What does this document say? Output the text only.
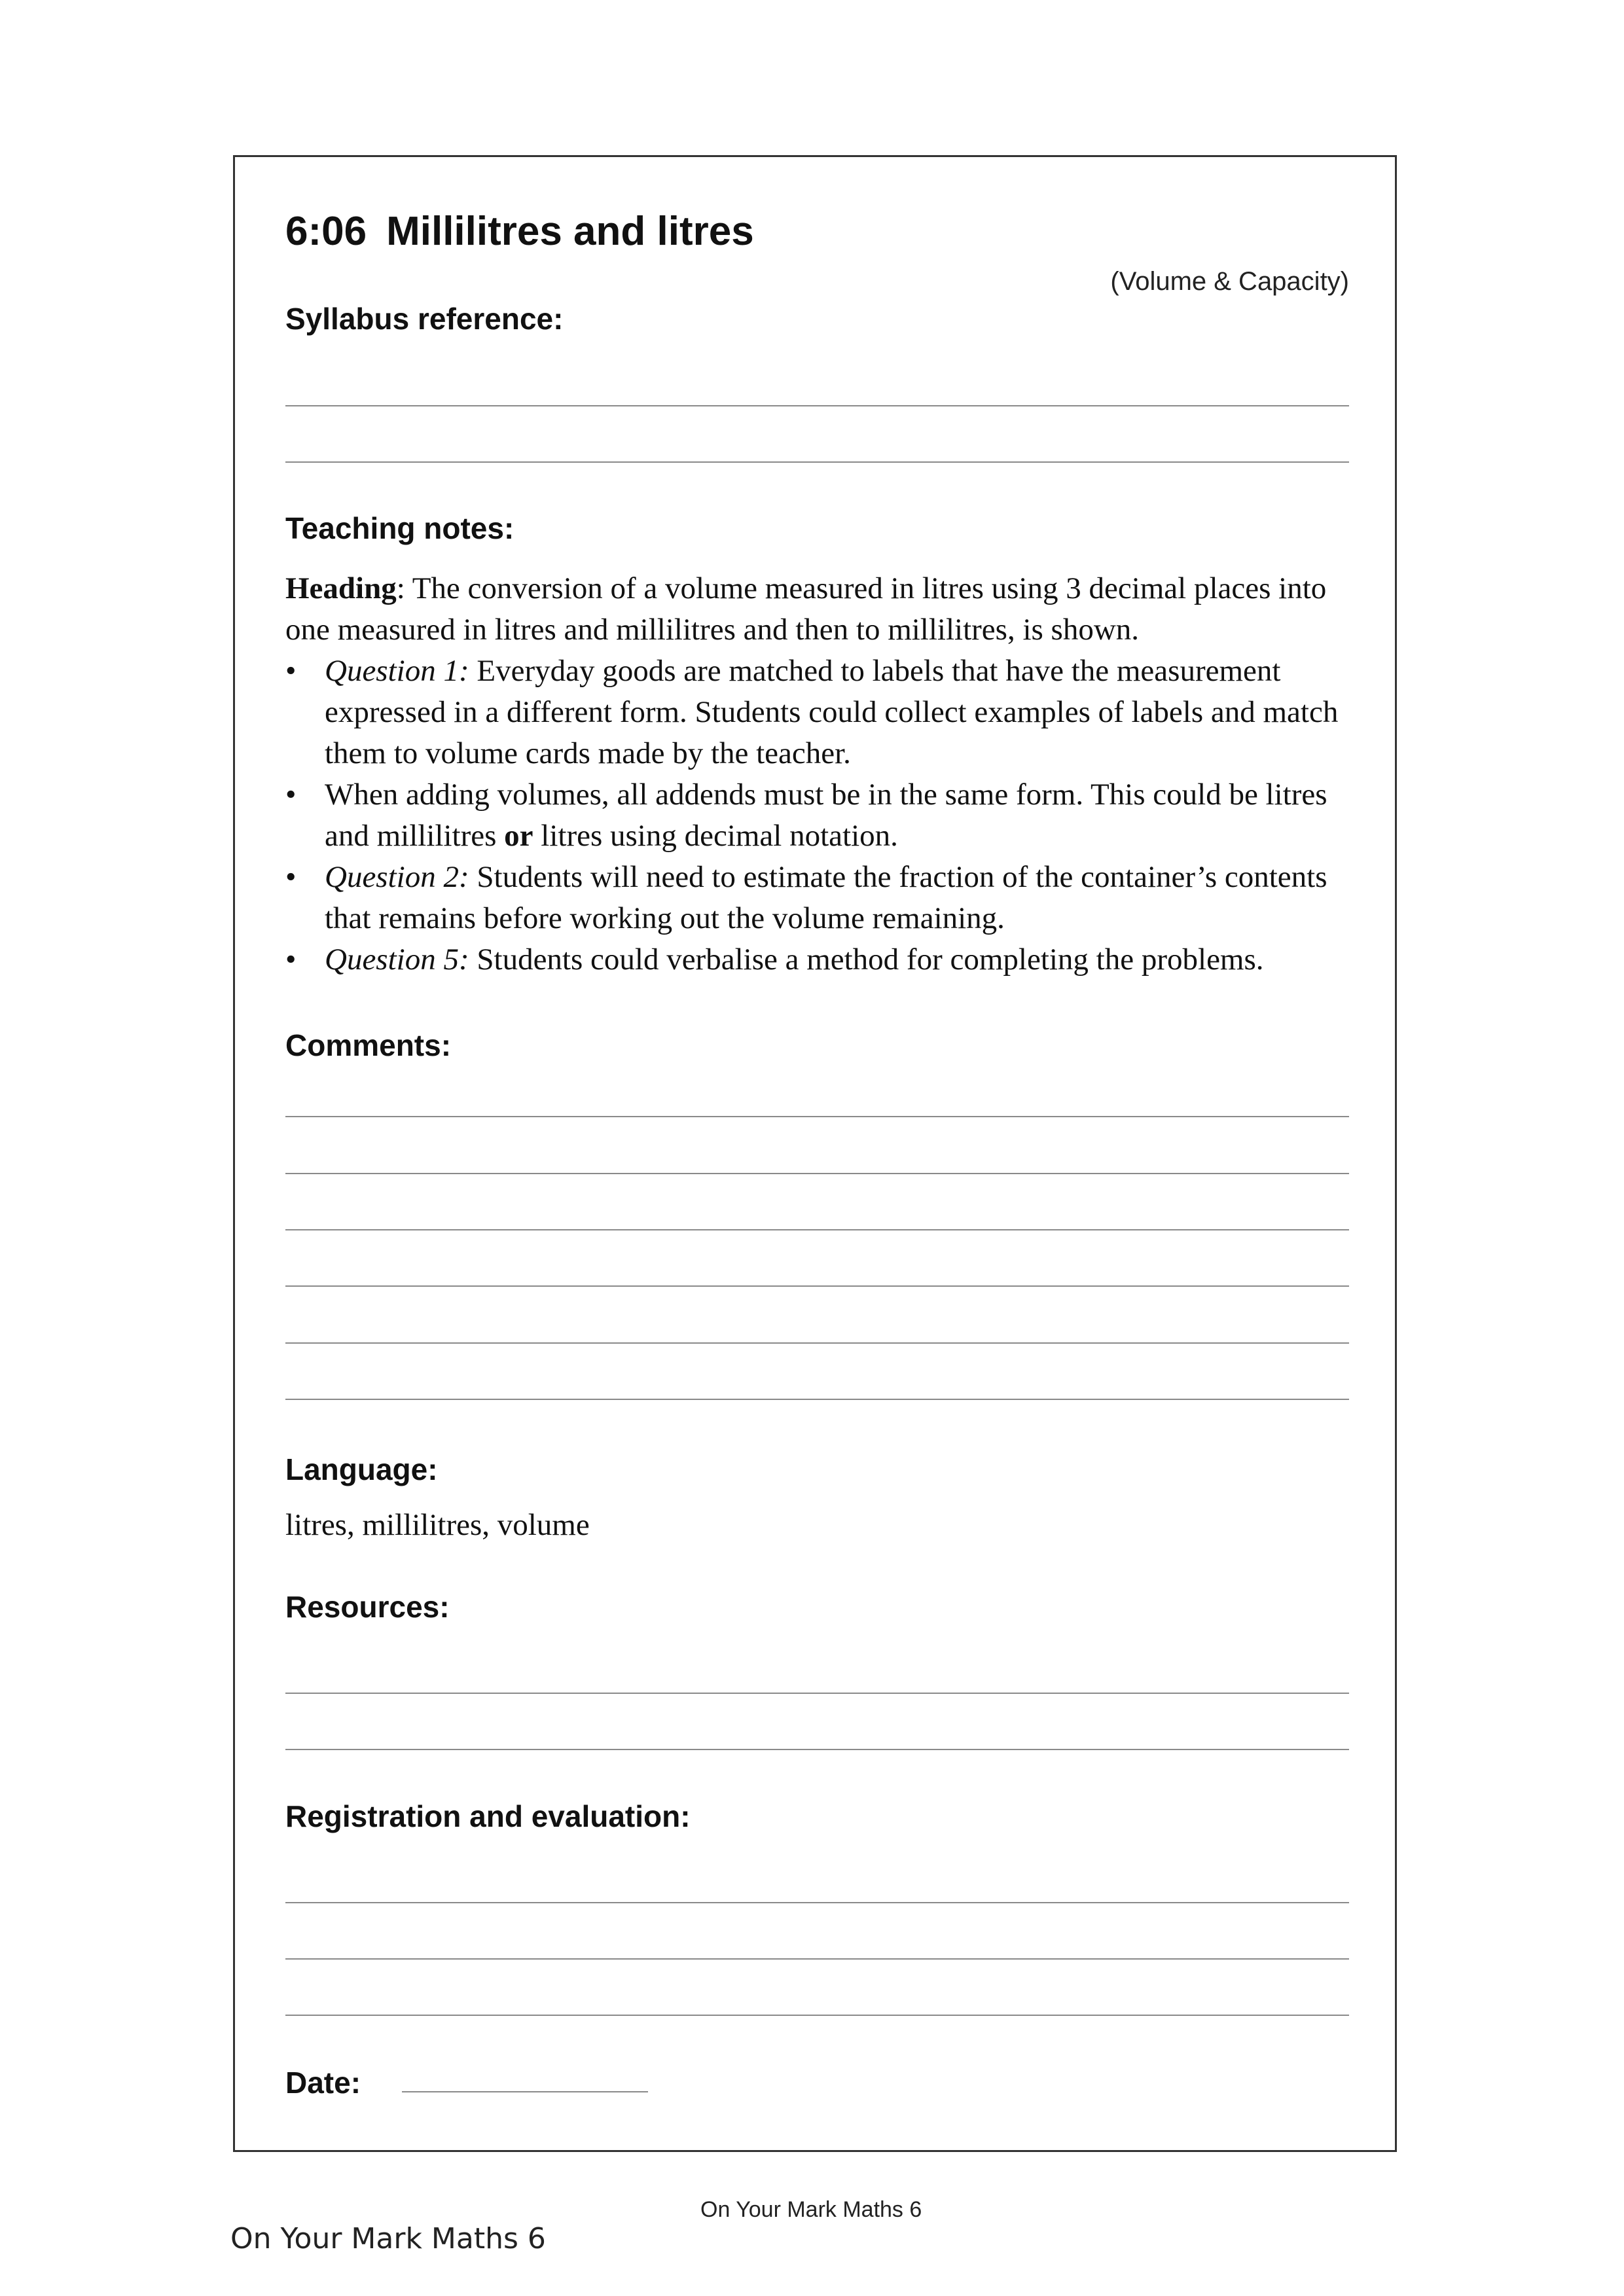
6:06 Millilitres and litres
(Volume & Capacity)
Syllabus reference:
Teaching notes:

Heading: The conversion of a volume measured in litres using 3 decimal places into one measured in litres and millilitres and then to millilitres, is shown.

• Question 1: Everyday goods are matched to labels that have the measurement expressed in a different form. Students could collect examples of labels and match them to volume cards made by the teacher.
• When adding volumes, all addends must be in the same form. This could be litres and millilitres or litres using decimal notation.
• Question 2: Students will need to estimate the fraction of the container’s contents that remains before working out the volume remaining.
• Question 5: Students could verbalise a method for completing the problems.
Comments:
Language:
litres, millilitres, volume
Resources:
Registration and evaluation:
Date:
On Your Mark Maths 6
On Your Mark Maths 6
